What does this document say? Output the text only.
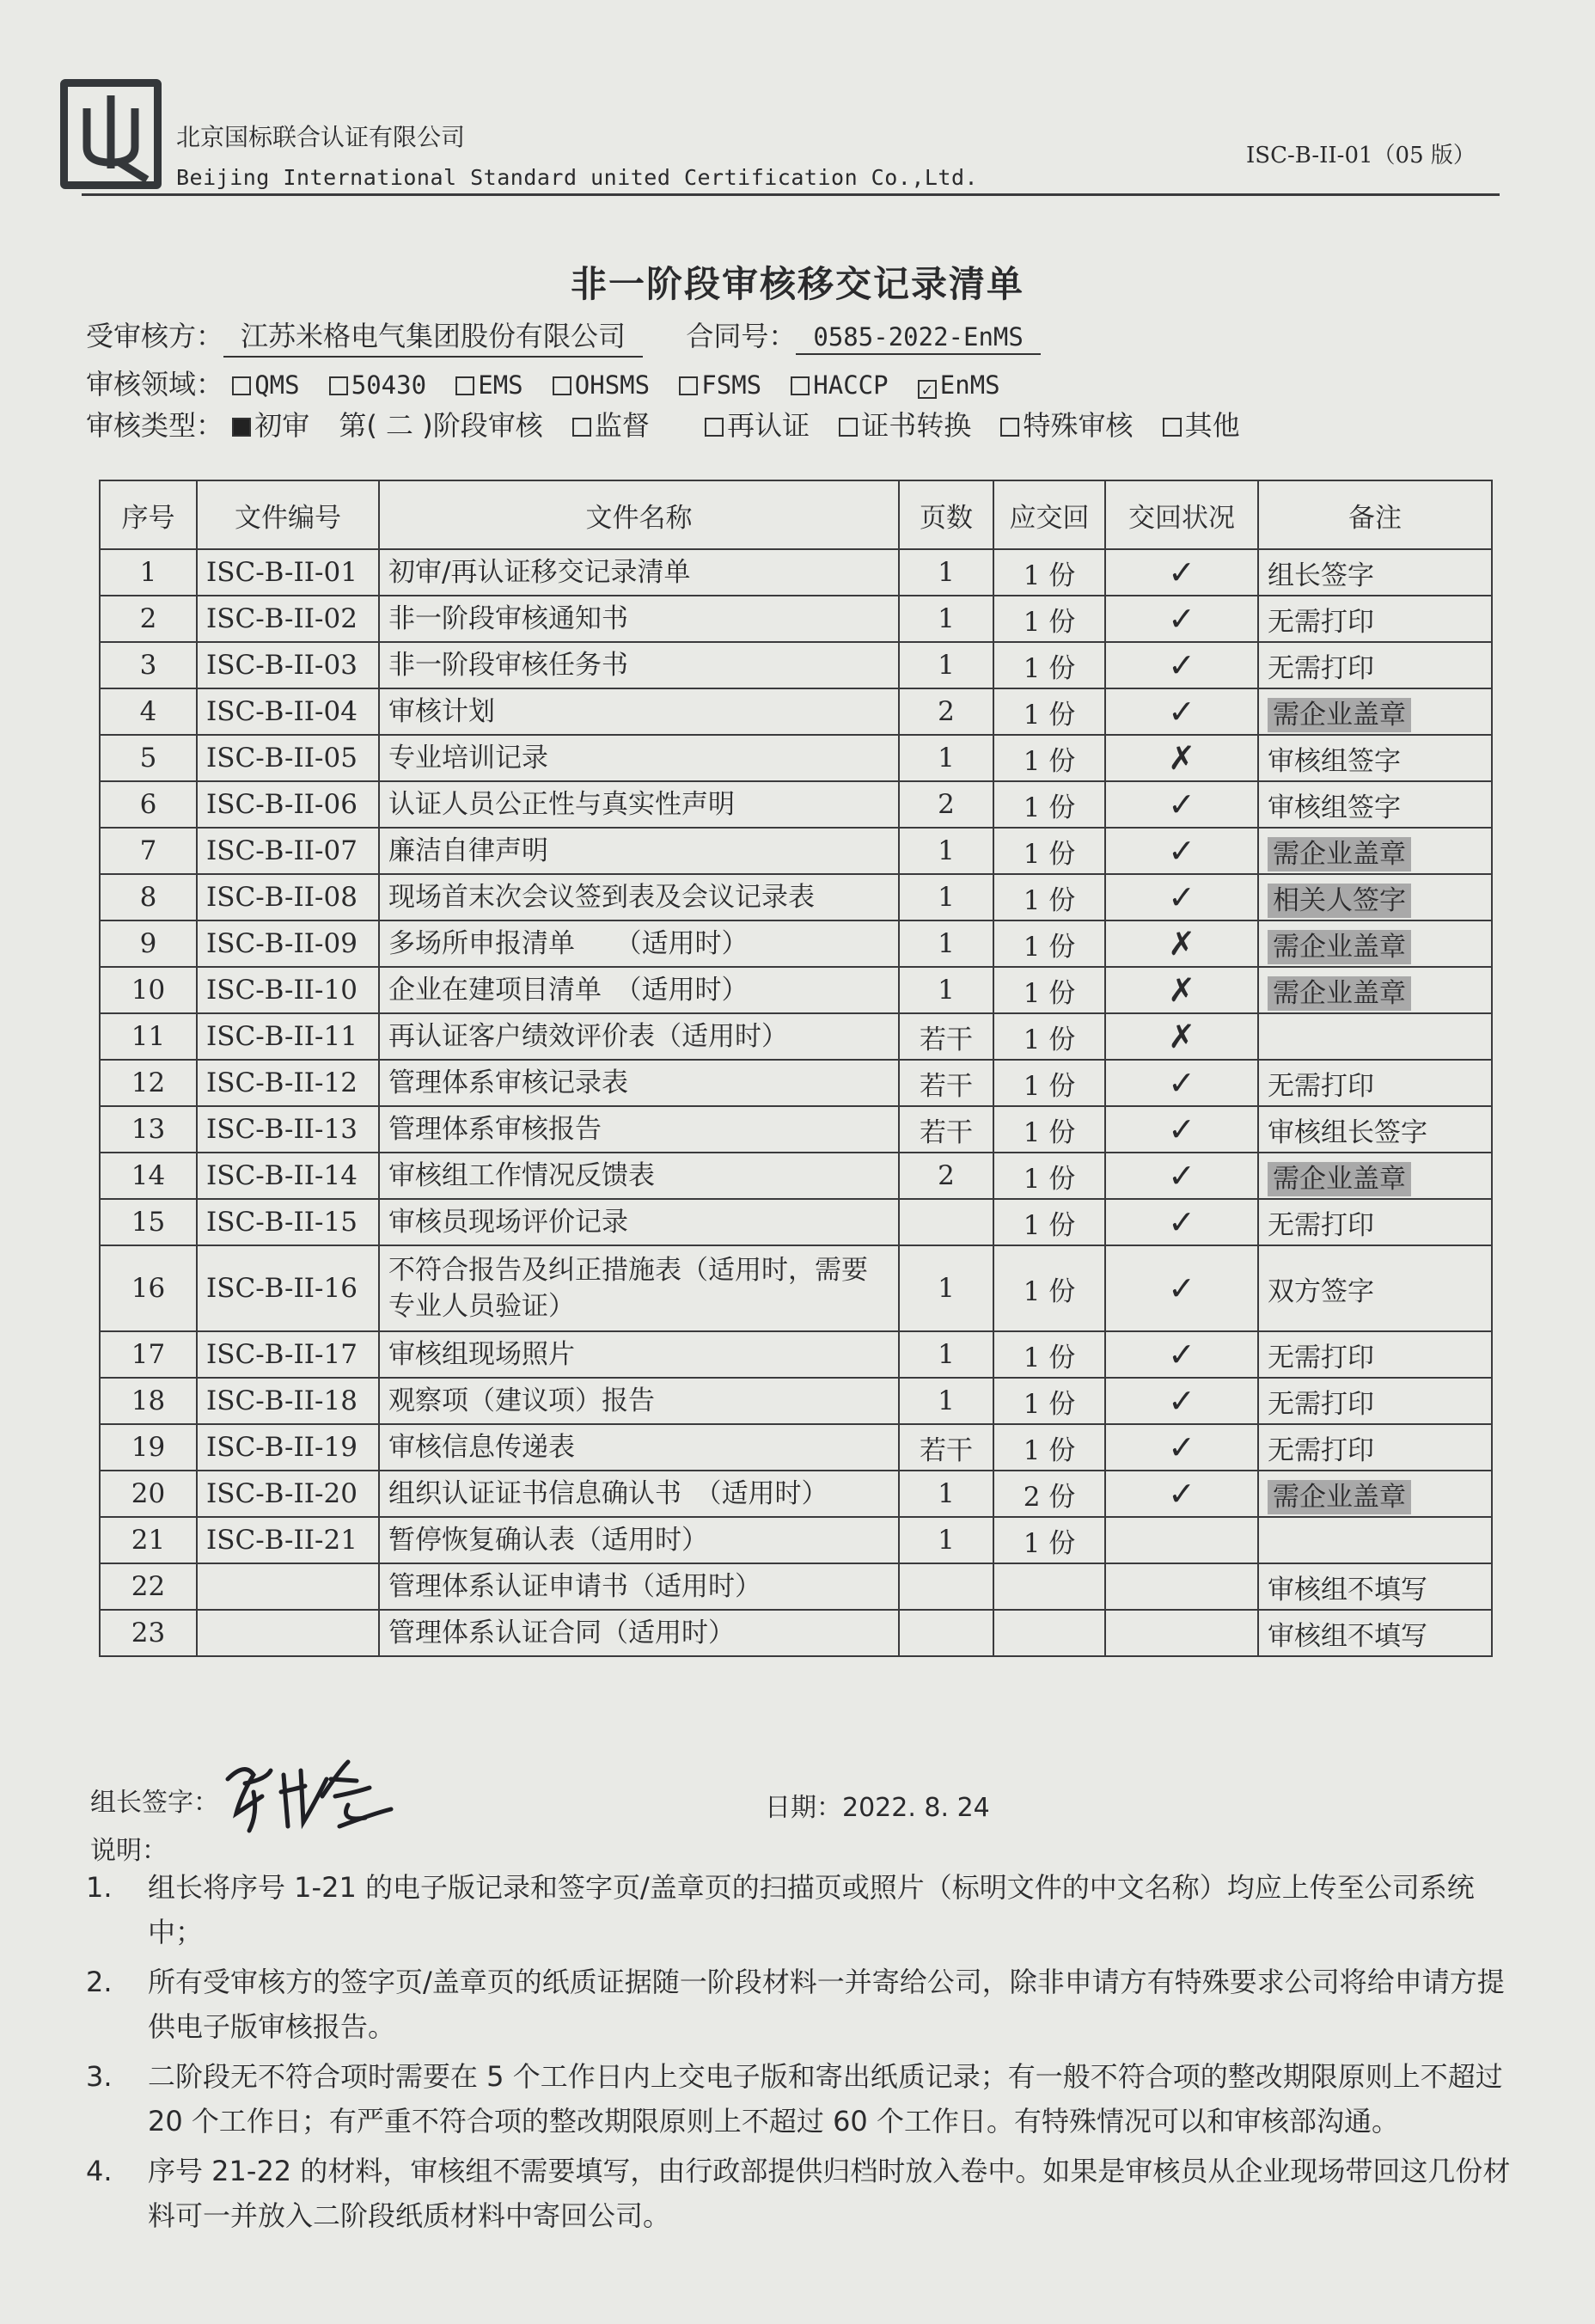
北京国标联合认证有限公司
Beijing International Standard united Certification Co.,Ltd.
ISC-B-II-01（05 版）
非一阶段审核移交记录清单
受审核方： 江苏米格电气集团股份有限公司 合同号： 0585-2022-EnMS
审核领域： QMS 50430 EMS OHSMS FSMS HACCP ✓ EnMS
审核类型： 初审 第( 二 )阶段审核 监督	再认证 证书转换 特殊审核 其他
序号	文件编号	文件名称	页数	应交回	交回状况	备注
1	ISC-B-II-01	初审/再认证移交记录清单	1	1 份	✓	组长签字
2	ISC-B-II-02	非一阶段审核通知书	1	1 份	✓	无需打印
3	ISC-B-II-03	非一阶段审核任务书	1	1 份	✓	无需打印
4	ISC-B-II-04	审核计划	2	1 份	✓	需企业盖章
5	ISC-B-II-05	专业培训记录	1	1 份	✗	审核组签字
6	ISC-B-II-06	认证人员公正性与真实性声明	2	1 份	✓	审核组签字
7	ISC-B-II-07	廉洁自律声明	1	1 份	✓	需企业盖章
8	ISC-B-II-08	现场首末次会议签到表及会议记录表	1	1 份	✓	相关人签字
9	ISC-B-II-09	多场所申报清单　　（适用时）	1	1 份	✗	需企业盖章
10	ISC-B-II-10	企业在建项目清单　（适用时）	1	1 份	✗	需企业盖章
11	ISC-B-II-11	再认证客户绩效评价表（适用时）	若干	1 份	✗	
12	ISC-B-II-12	管理体系审核记录表	若干	1 份	✓	无需打印
13	ISC-B-II-13	管理体系审核报告	若干	1 份	✓	审核组长签字
14	ISC-B-II-14	审核组工作情况反馈表	2	1 份	✓	需企业盖章
15	ISC-B-II-15	审核员现场评价记录		1 份	✓	无需打印
16	ISC-B-II-16	不符合报告及纠正措施表（适用时，需要专业人员验证）	1	1 份	✓	双方签字
17	ISC-B-II-17	审核组现场照片	1	1 份	✓	无需打印
18	ISC-B-II-18	观察项（建议项）报告	1	1 份	✓	无需打印
19	ISC-B-II-19	审核信息传递表	若干	1 份	✓	无需打印
20	ISC-B-II-20	组织认证证书信息确认书　（适用时）	1	2 份	✓	需企业盖章
21	ISC-B-II-21	暂停恢复确认表（适用时）	1	1 份		
22		管理体系认证申请书（适用时）				审核组不填写
23		管理体系认证合同（适用时）				审核组不填写
组长签字：	日期：2022. 8. 24
说明：
1.	组长将序号 1-21 的电子版记录和签字页/盖章页的扫描页或照片（标明文件的中文名称）均应上传至公司系统中；
2.	所有受审核方的签字页/盖章页的纸质证据随一阶段材料一并寄给公司，除非申请方有特殊要求公司将给申请方提供电子版审核报告。
3.	二阶段无不符合项时需要在 5 个工作日内上交电子版和寄出纸质记录；有一般不符合项的整改期限原则上不超过 20 个工作日；有严重不符合项的整改期限原则上不超过 60 个工作日。有特殊情况可以和审核部沟通。
4.	序号 21-22 的材料，审核组不需要填写，由行政部提供归档时放入卷中。如果是审核员从企业现场带回这几份材料可一并放入二阶段纸质材料中寄回公司。
